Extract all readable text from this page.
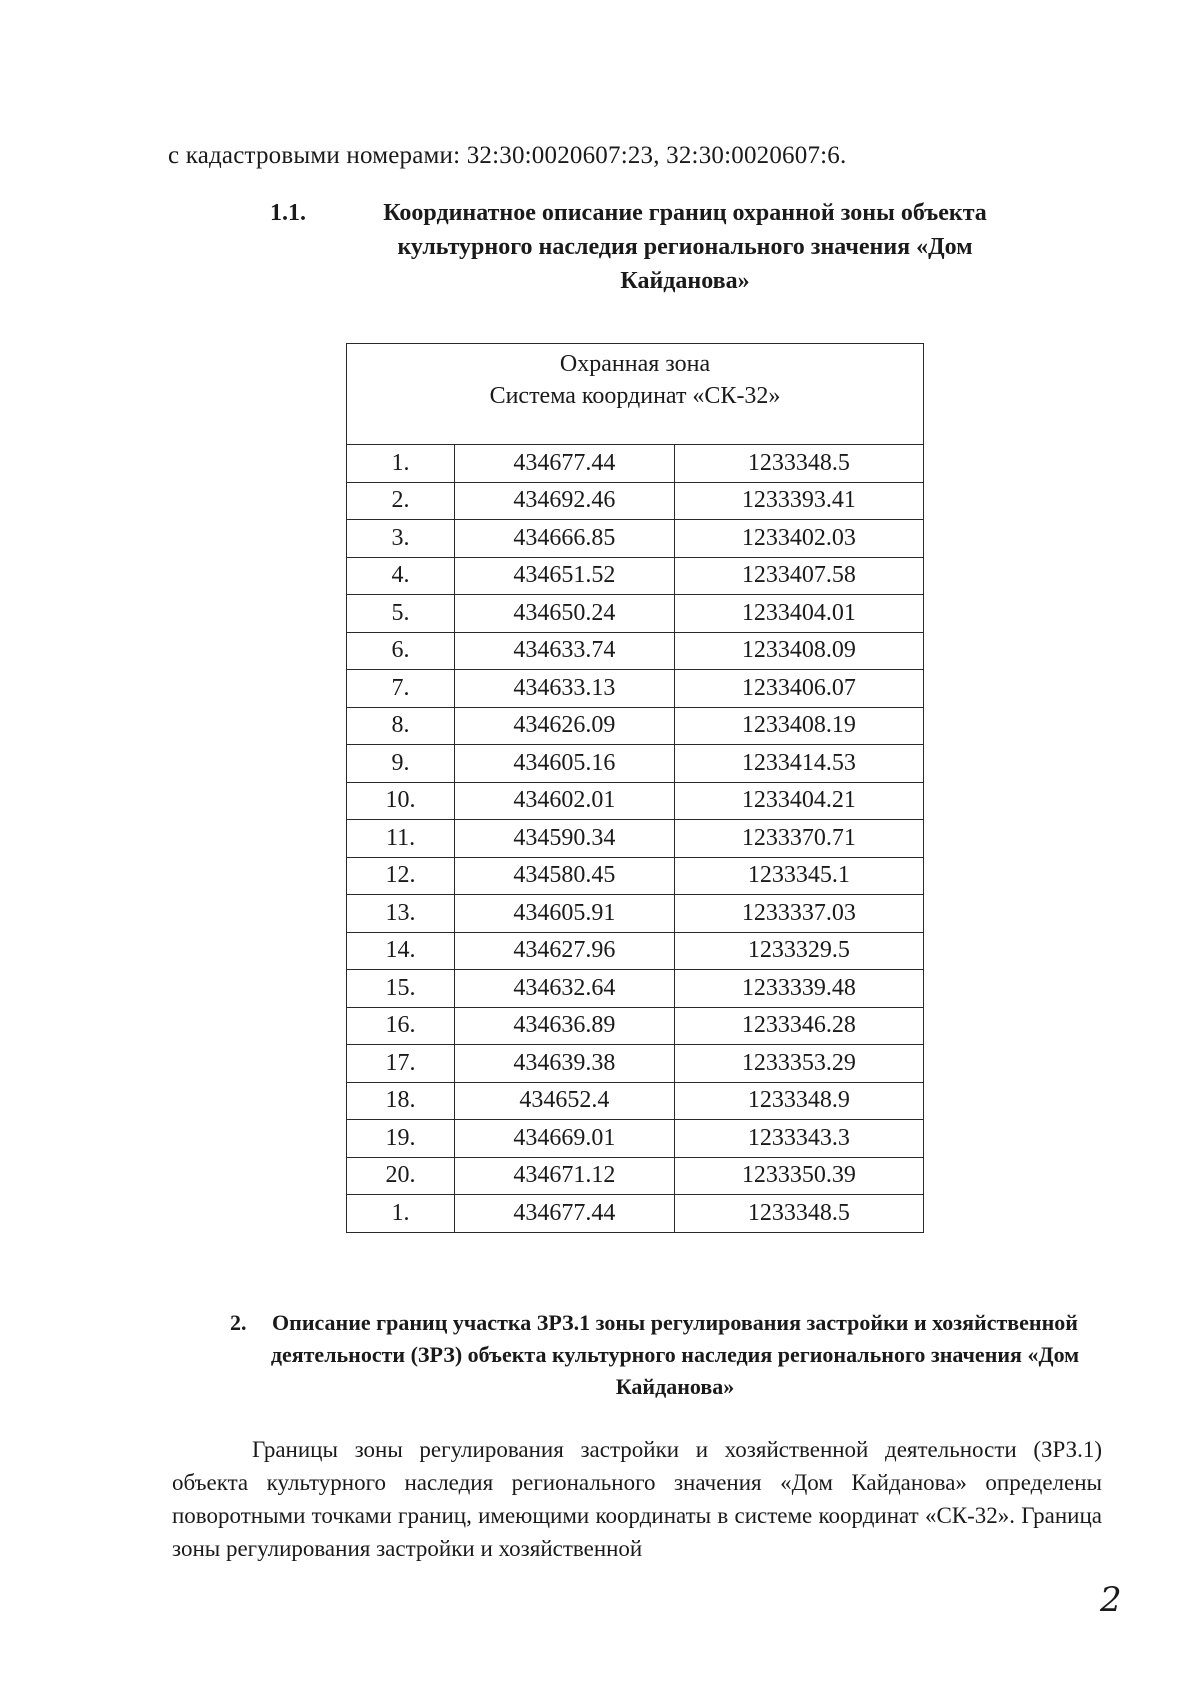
с кадастровыми номерами: 32:30:0020607:23, 32:30:0020607:6.
1.1.	Координатное описание границ охранной зоны объекта культурного наследия регионального значения «Дом Кайданова»
Охранная зона
Система координат «СК-32»		

1.	434677.44	1233348.5
2.	434692.46	1233393.41
3.	434666.85	1233402.03
4.	434651.52	1233407.58
5.	434650.24	1233404.01
6.	434633.74	1233408.09
7.	434633.13	1233406.07
8.	434626.09	1233408.19
9.	434605.16	1233414.53
10.	434602.01	1233404.21
11.	434590.34	1233370.71
12.	434580.45	1233345.1
13.	434605.91	1233337.03
14.	434627.96	1233329.5
15.	434632.64	1233339.48
16.	434636.89	1233346.28
17.	434639.38	1233353.29
18.	434652.4	1233348.9
19.	434669.01	1233343.3
20.	434671.12	1233350.39
1.	434677.44	1233348.5
2.	Описание границ участка ЗРЗ.1 зоны регулирования застройки и хозяйственной деятельности (ЗРЗ) объекта культурного наследия регионального значения «Дом Кайданова»
Границы зоны регулирования застройки и хозяйственной деятельности (ЗРЗ.1) объекта культурного наследия регионального значения «Дом Кайданова» определены поворотными точками границ, имеющими координаты в системе координат «СК-32». Граница зоны регулирования застройки и хозяйственной
2
